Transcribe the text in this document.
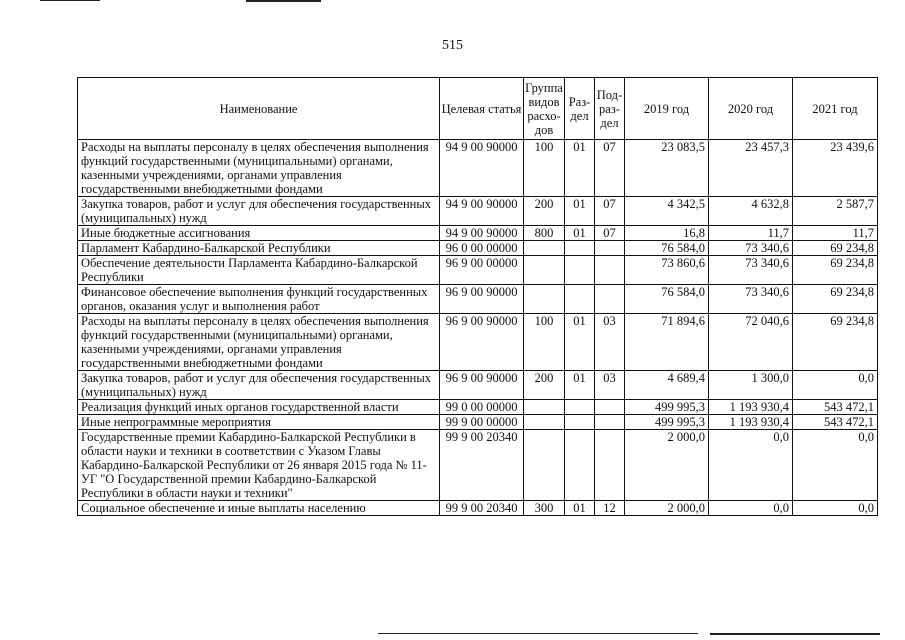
515
Наименование	Целевая статья	Группа видов расхо-дов	Раз-дел	Под-раз-дел	2019 год	2020 год	2021 год
Расходы на выплаты персоналу в целях обеспечения выполнения функций государственными (муниципальными) органами, казенными учреждениями, органами управления государственными внебюджетными фондами	94 9 00 90000	100	01	07	23 083,5	23 457,3	23 439,6
Закупка товаров, работ и услуг для обеспечения государственных (муниципальных) нужд	94 9 00 90000	200	01	07	4 342,5	4 632,8	2 587,7
Иные бюджетные ассигнования	94 9 00 90000	800	01	07	16,8	11,7	11,7
Парламент Кабардино-Балкарской Республики	96 0 00 00000				76 584,0	73 340,6	69 234,8
Обеспечение деятельности Парламента Кабардино-Балкарской Республики	96 9 00 00000				73 860,6	73 340,6	69 234,8
Финансовое обеспечение выполнения функций государственных органов, оказания услуг и выполнения работ	96 9 00 90000				76 584,0	73 340,6	69 234,8
Расходы на выплаты персоналу в целях обеспечения выполнения функций государственными (муниципальными) органами, казенными учреждениями, органами управления государственными внебюджетными фондами	96 9 00 90000	100	01	03	71 894,6	72 040,6	69 234,8
Закупка товаров, работ и услуг для обеспечения государственных (муниципальных) нужд	96 9 00 90000	200	01	03	4 689,4	1 300,0	0,0
Реализация функций иных органов государственной власти	99 0 00 00000				499 995,3	1 193 930,4	543 472,1
Иные непрограммные мероприятия	99 9 00 00000				499 995,3	1 193 930,4	543 472,1
Государственные премии Кабардино-Балкарской Республики в области науки и техники в соответствии с Указом Главы Кабардино-Балкарской Республики от 26 января 2015 года № 11-УГ "О Государственной премии Кабардино-Балкарской Республики в области науки и техники"	99 9 00 20340				2 000,0	0,0	0,0
Социальное обеспечение и иные выплаты населению	99 9 00 20340	300	01	12	2 000,0	0,0	0,0
